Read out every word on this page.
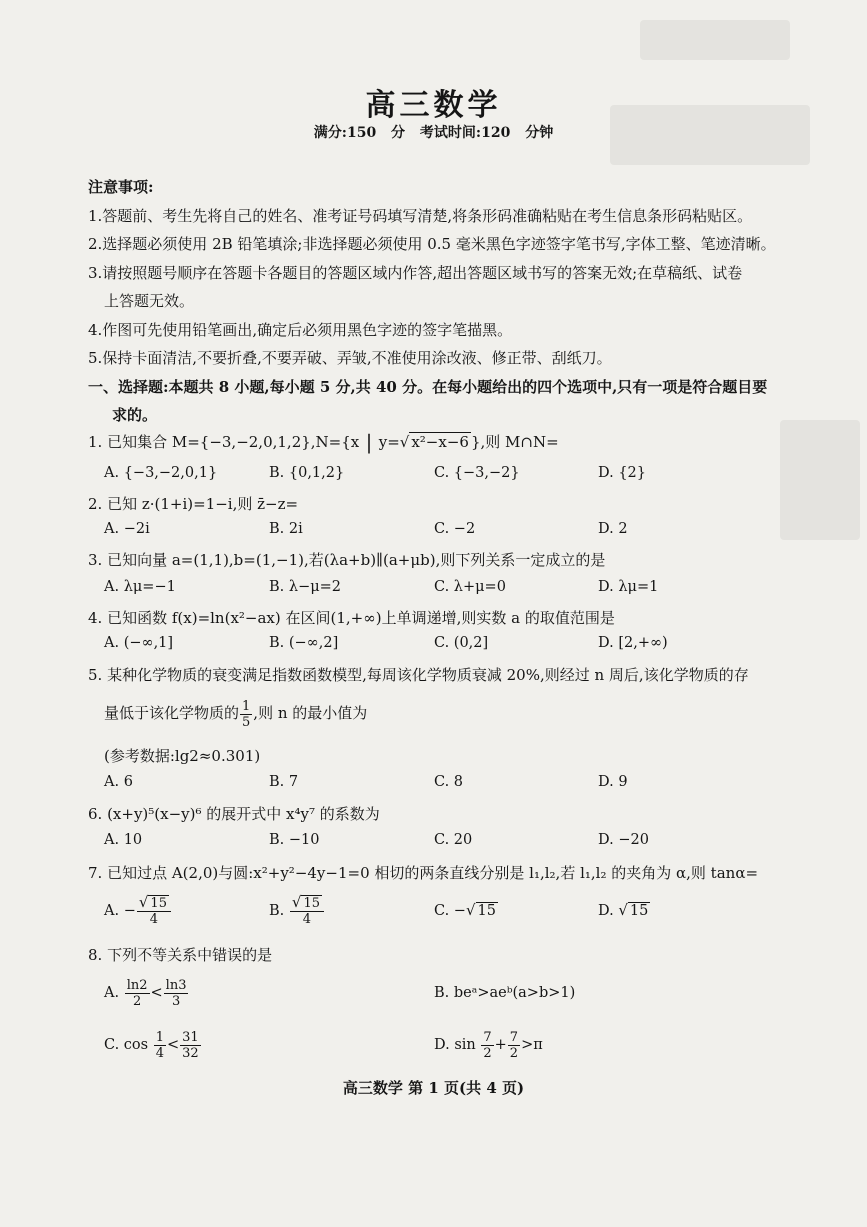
高三数学
满分:150 分 考试时间:120 分钟
注意事项:
1.答题前、考生先将自己的姓名、准考证号码填写清楚,将条形码准确粘贴在考生信息条形码粘贴区。
2.选择题必须使用 2B 铅笔填涂;非选择题必须使用 0.5 毫米黑色字迹签字笔书写,字体工整、笔迹清晰。
3.请按照题号顺序在答题卡各题目的答题区域内作答,超出答题区域书写的答案无效;在草稿纸、试卷
上答题无效。
4.作图可先使用铅笔画出,确定后必须用黑色字迹的签字笔描黑。
5.保持卡面清洁,不要折叠,不要弄破、弄皱,不准使用涂改液、修正带、刮纸刀。
一、选择题:本题共 8 小题,每小题 5 分,共 40 分。在每小题给出的四个选项中,只有一项是符合题目要
求的。
1. 已知集合 M={−3,−2,0,1,2},N={x | y=√ x²−x−6 },则 M∩N=
A. {−3,−2,0,1}	B. {0,1,2}	C. {−3,−2}	D. {2}
2. 已知 z·(1+i)=1−i,则 z̄−z=
A. −2i	B. 2i	C. −2	D. 2
3. 已知向量 a=(1,1),b=(1,−1),若(λa+b)∥(a+μb),则下列关系一定成立的是
A. λμ=−1	B. λ−μ=2	C. λ+μ=0	D. λμ=1
4. 已知函数 f(x)=ln(x²−ax) 在区间(1,+∞)上单调递增,则实数 a 的取值范围是
A. (−∞,1]	B. (−∞,2]	C. (0,2]	D. [2,+∞)
5. 某种化学物质的衰变满足指数函数模型,每周该化学物质衰减 20%,则经过 n 周后,该化学物质的存
量低于该化学物质的 $\frac{1}{5}$ ,则 n 的最小值为
(参考数据:lg2≈0.301)
A. 6	B. 7	C. 8	D. 9
6. (x+y)⁵(x−y)⁶ 的展开式中 x⁴y⁷ 的系数为
A. 10	B. −10	C. 20	D. −20
7. 已知过点 A(2,0)与圆:x²+y²−4y−1=0 相切的两条直线分别是 l₁,l₂,若 l₁,l₂ 的夹角为 α,则 tanα=
A. − $\frac{√ 15}{4}$	B. $\frac{√ 15}{4}$	C. −√ 15	D. √ 15
8. 下列不等关系中错误的是
A. $\frac{\ln 2}{2} < \frac{\ln 3}{3}$	B. beᵃ>aeᵇ(a>b>1)
C. $\cos \frac{1}{4} < \frac{31}{32}$	D. $\sin \frac{7}{2} + \frac{7}{2} >\pi$
高三数学 第 1 页(共 4 页)
